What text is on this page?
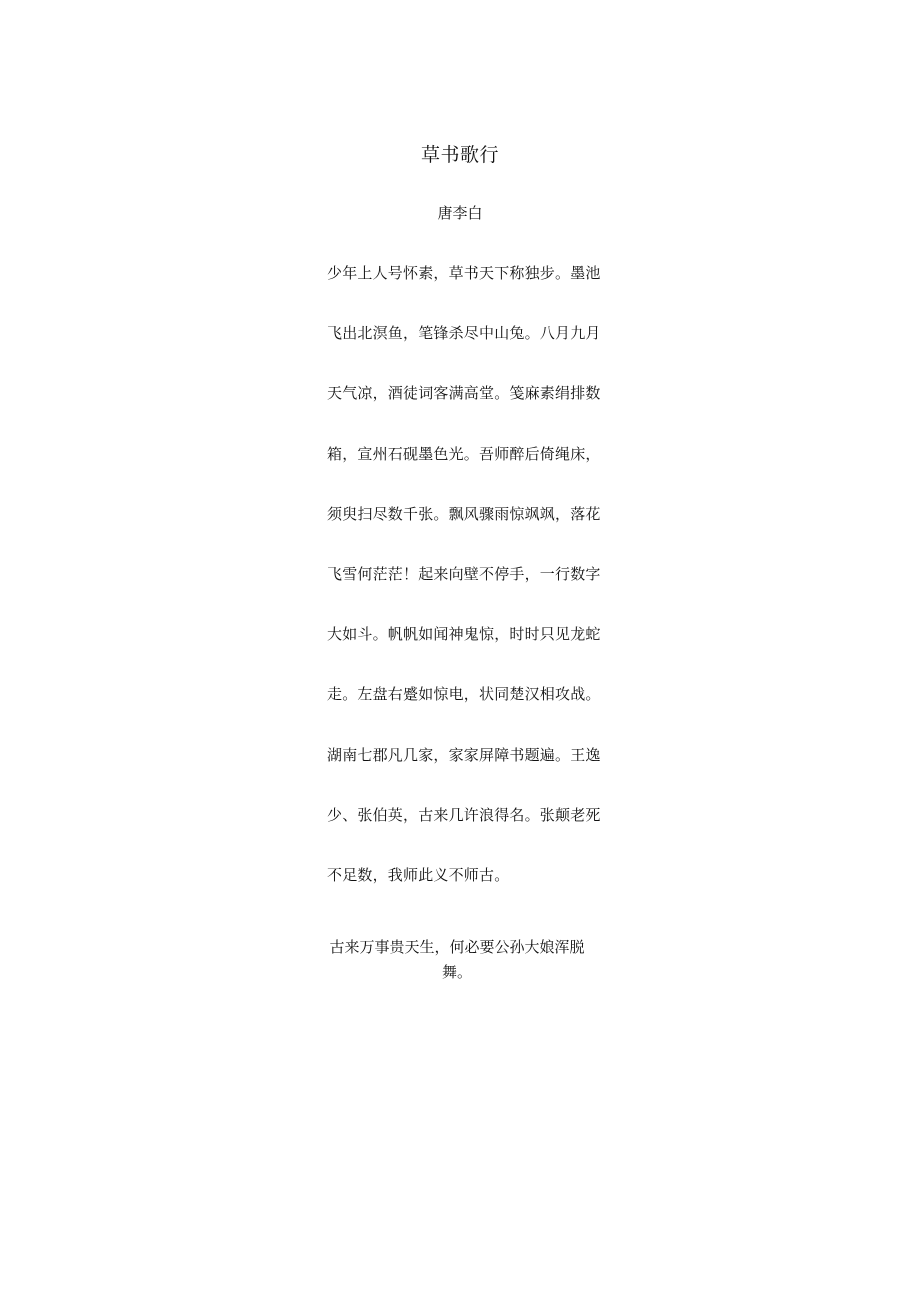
草书歌行
唐李白
少年上人号怀素，草书天下称独步。墨池
飞出北溟鱼，笔锋杀尽中山兔。八月九月
天气凉，酒徒词客满高堂。笺麻素绢排数
箱，宣州石砚墨色光。吾师醉后倚绳床，
须臾扫尽数千张。飘风骤雨惊飒飒，落花
飞雪何茫茫！起来向壁不停手，一行数字
大如斗。帆帆如闻神鬼惊，时时只见龙蛇
走。左盘右蹙如惊电，状同楚汉相攻战。
湖南七郡凡几家，家家屏障书题遍。王逸
少、张伯英，古来几许浪得名。张颠老死
不足数，我师此义不师古。
古来万事贵天生，何必要公孙大娘浑脱
舞。
